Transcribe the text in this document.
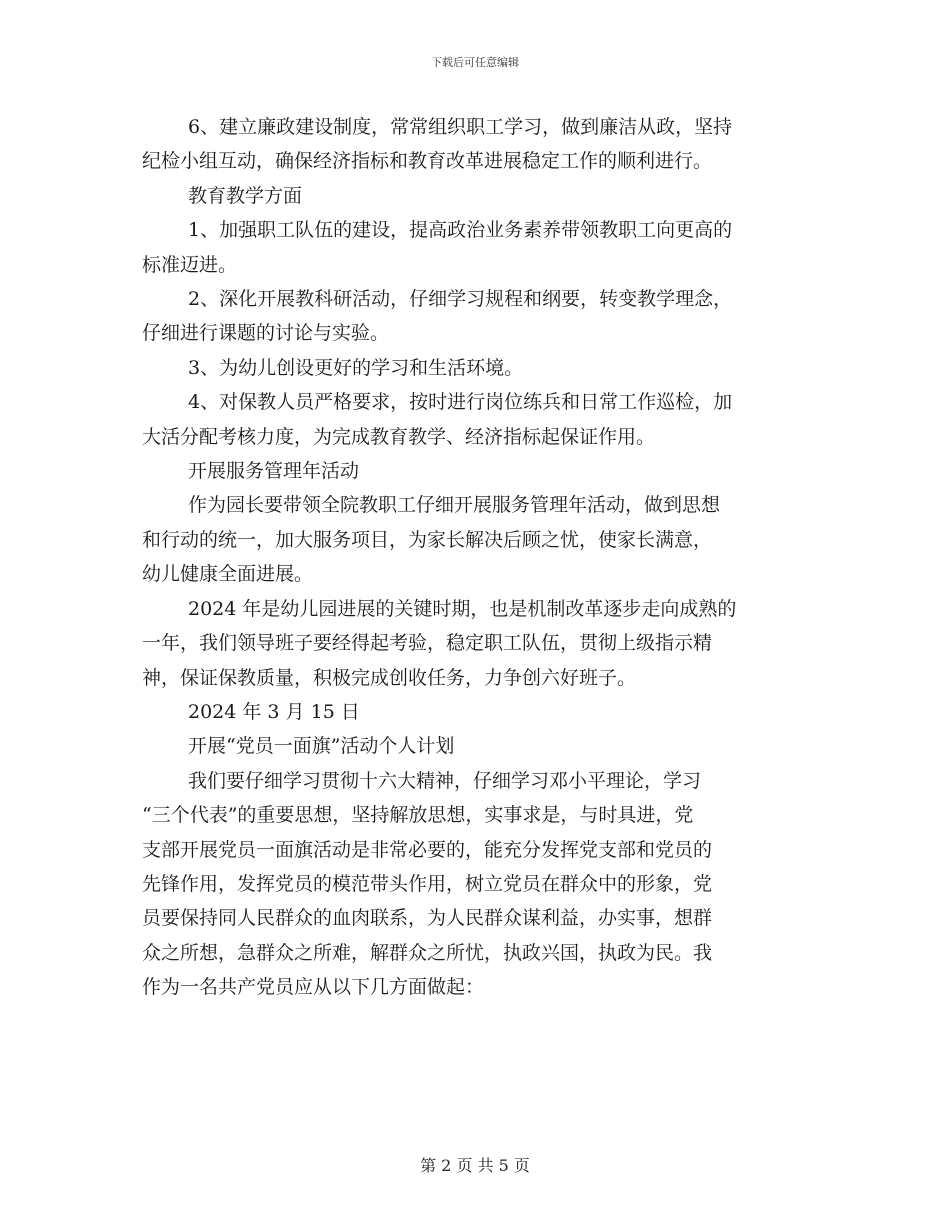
下载后可任意编辑
6、建立廉政建设制度，常常组织职工学习，做到廉洁从政，坚持
纪检小组互动，确保经济指标和教育改革进展稳定工作的顺利进行。
教育教学方面
1、加强职工队伍的建设，提高政治业务素养带领教职工向更高的
标准迈进。
2、深化开展教科研活动，仔细学习规程和纲要，转变教学理念，
仔细进行课题的讨论与实验。
3、为幼儿创设更好的学习和生活环境。
4、对保教人员严格要求，按时进行岗位练兵和日常工作巡检，加
大活分配考核力度，为完成教育教学、经济指标起保证作用。
开展服务管理年活动
作为园长要带领全院教职工仔细开展服务管理年活动，做到思想
和行动的统一，加大服务项目，为家长解决后顾之忧，使家长满意，
幼儿健康全面进展。
2024 年是幼儿园进展的关键时期，也是机制改革逐步走向成熟的
一年，我们领导班子要经得起考验，稳定职工队伍，贯彻上级指示精
神，保证保教质量，积极完成创收任务，力争创六好班子。
2024 年 3 月 15 日
开展“党员一面旗”活动个人计划
我们要仔细学习贯彻十六大精神，仔细学习邓小平理论，学习
“三个代表”的重要思想，坚持解放思想，实事求是，与时具进，党
支部开展党员一面旗活动是非常必要的，能充分发挥党支部和党员的
先锋作用，发挥党员的模范带头作用，树立党员在群众中的形象，党
员要保持同人民群众的血肉联系，为人民群众谋利益，办实事，想群
众之所想，急群众之所难，解群众之所忧，执政兴国，执政为民。我
作为一名共产党员应从以下几方面做起：
第 2 页 共 5 页
